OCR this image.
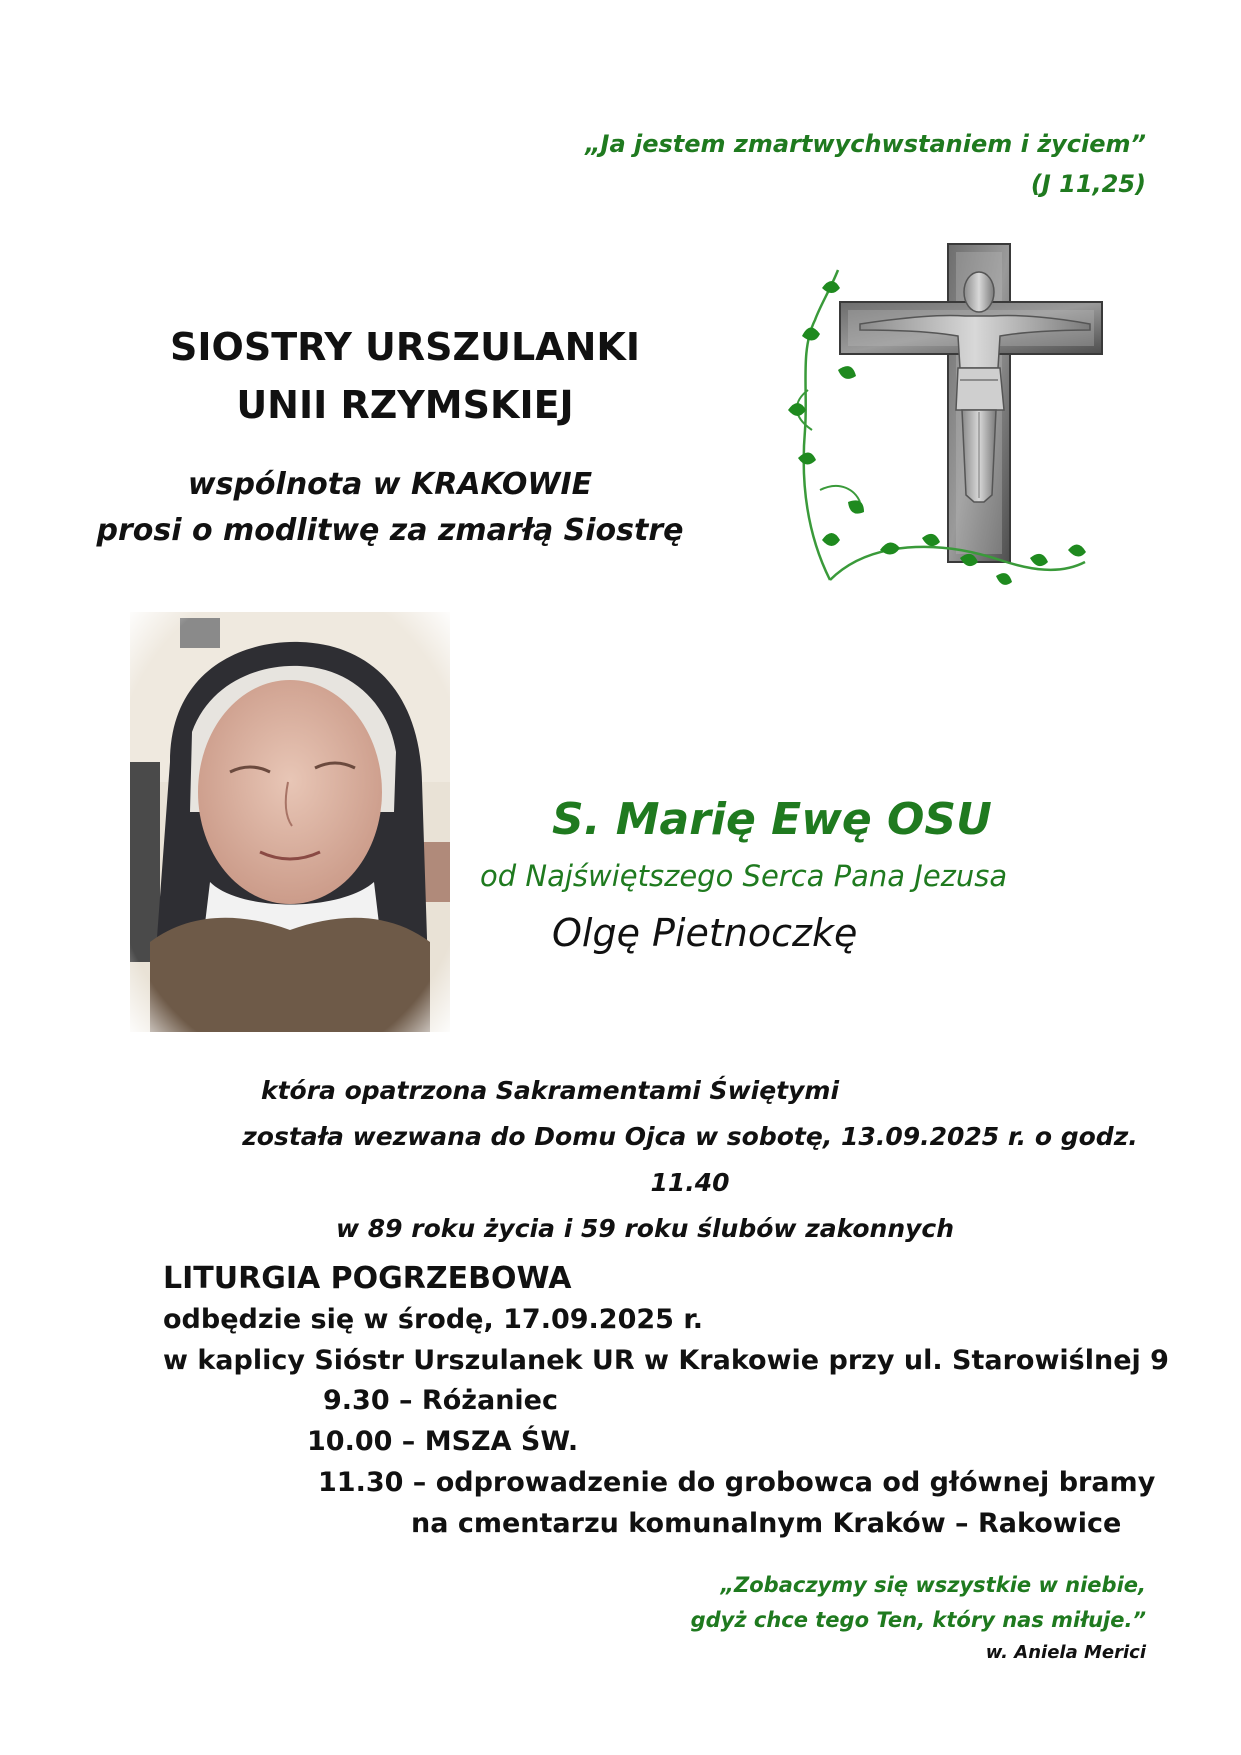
„Ja jestem zmartwychwstaniem i życiem”
(J 11,25)
SIOSTRY URSZULANKI
UNII RZYMSKIEJ
wspólnota w KRAKOWIE
prosi o modlitwę za zmarłą Siostrę
S. Marię Ewę OSU
od Najświętszego Serca Pana Jezusa
Olgę Pietnoczkę
która opatrzona Sakramentami Świętymi
została wezwana do Domu Ojca w sobotę, 13.09.2025 r. o godz. 11.40
w 89 roku życia i 59 roku ślubów zakonnych
LITURGIA POGRZEBOWA
odbędzie się w środę, 17.09.2025 r.
w kaplicy Sióstr Urszulanek UR w Krakowie przy ul. Starowiślnej 9
9.30 – Różaniec
10.00 – MSZA ŚW.
11.30 – odprowadzenie do grobowca od głównej bramy
na cmentarzu komunalnym Kraków – Rakowice
„Zobaczymy się wszystkie w niebie,
gdyż chce tego Ten, który nas miłuje.”
w. Aniela Merici
